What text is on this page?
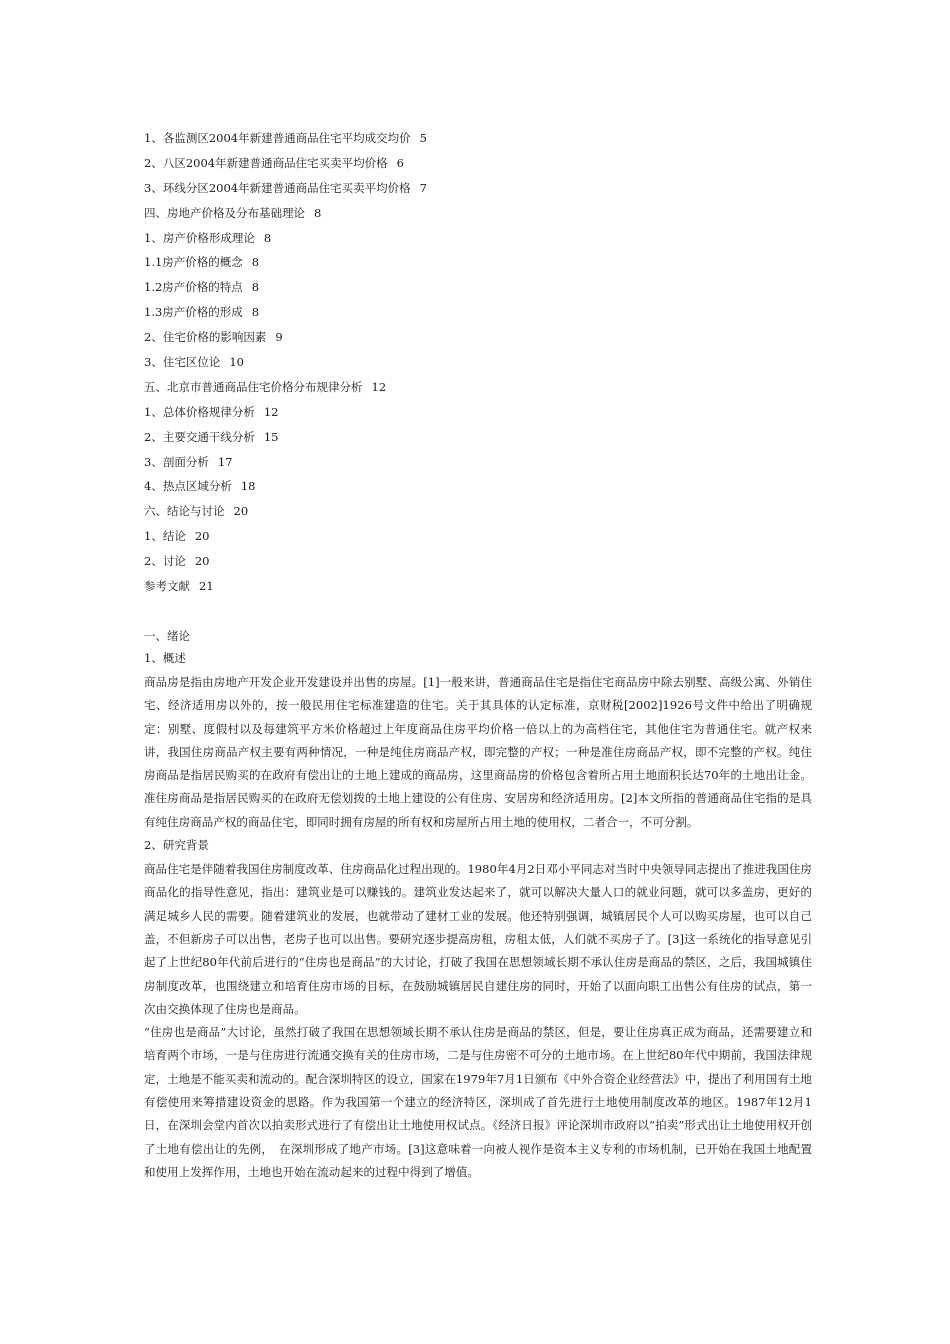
1、各监测区2004年新建普通商品住宅平均成交均价 5
2、八区2004年新建普通商品住宅买卖平均价格 6
3、环线分区2004年新建普通商品住宅买卖平均价格 7
四、房地产价格及分布基础理论 8
1、房产价格形成理论 8
1.1房产价格的概念 8
1.2房产价格的特点 8
1.3房产价格的形成 8
2、住宅价格的影响因素 9
3、住宅区位论 10
五、北京市普通商品住宅价格分布规律分析 12
1、总体价格规律分析 12
2、主要交通干线分析 15
3、剖面分析 17
4、热点区域分析 18
六、结论与讨论 20
1、结论 20
2、讨论 20
参考文献 21
一、绪论
1、概述

商品房是指由房地产开发企业开发建设并出售的房屋。[1]一般来讲，普通商品住宅是指住宅商品房中除去别墅、高级公寓、外销住宅、经济适用房以外的，按一般民用住宅标准建造的住宅。关于其具体的认定标准，京财税[2002]1926号文件中给出了明确规定：别墅、度假村以及每建筑平方米价格超过上年度商品住房平均价格一倍以上的为高档住宅，其他住宅为普通住宅。就产权来讲，我国住房商品产权主要有两种情况，一种是纯住房商品产权，即完整的产权；一种是准住房商品产权，即不完整的产权。纯住房商品是指居民购买的在政府有偿出让的土地上建成的商品房，这里商品房的价格包含着所占用土地面积长达70年的土地出让金。准住房商品是指居民购买的在政府无偿划拨的土地上建设的公有住房、安居房和经济适用房。[2]本文所指的普通商品住宅指的是具有纯住房商品产权的商品住宅，即同时拥有房屋的所有权和房屋所占用土地的使用权，二者合一，不可分割。

2、研究背景

商品住宅是伴随着我国住房制度改革、住房商品化过程出现的。1980年4月2日邓小平同志对当时中央领导同志提出了推进我国住房商品化的指导性意见，指出：建筑业是可以赚钱的。建筑业发达起来了，就可以解决大量人口的就业问题，就可以多盖房，更好的满足城乡人民的需要。随着建筑业的发展，也就带动了建材工业的发展。他还特别强调，城镇居民个人可以购买房屋，也可以自己盖，不但新房子可以出售，老房子也可以出售。要研究逐步提高房租，房租太低，人们就不买房子了。[3]这一系统化的指导意见引起了上世纪80年代前后进行的“住房也是商品”的大讨论，打破了我国在思想领域长期不承认住房是商品的禁区，之后，我国城镇住房制度改革，也围绕建立和培育住房市场的目标，在鼓励城镇居民自建住房的同时，开始了以面向职工出售公有住房的试点，第一次由交换体现了住房也是商品。

“住房也是商品”大讨论，虽然打破了我国在思想领域长期不承认住房是商品的禁区，但是，要让住房真正成为商品，还需要建立和培育两个市场，一是与住房进行流通交换有关的住房市场，二是与住房密不可分的土地市场。在上世纪80年代中期前，我国法律规定，土地是不能买卖和流动的。配合深圳特区的设立，国家在1979年7月1日颁布《中外合资企业经营法》中，提出了利用国有土地有偿使用来筹措建设资金的思路。作为我国第一个建立的经济特区，深圳成了首先进行土地使用制度改革的地区。1987年12月1日，在深圳会堂内首次以拍卖形式进行了有偿出让土地使用权试点。《经济日报》评论深圳市政府以“拍卖”形式出让土地使用权开创了土地有偿出让的先例，　在深圳形成了地产市场。[3]这意味着一向被人视作是资本主义专利的市场机制，已开始在我国土地配置和使用上发挥作用，土地也开始在流动起来的过程中得到了增值。
